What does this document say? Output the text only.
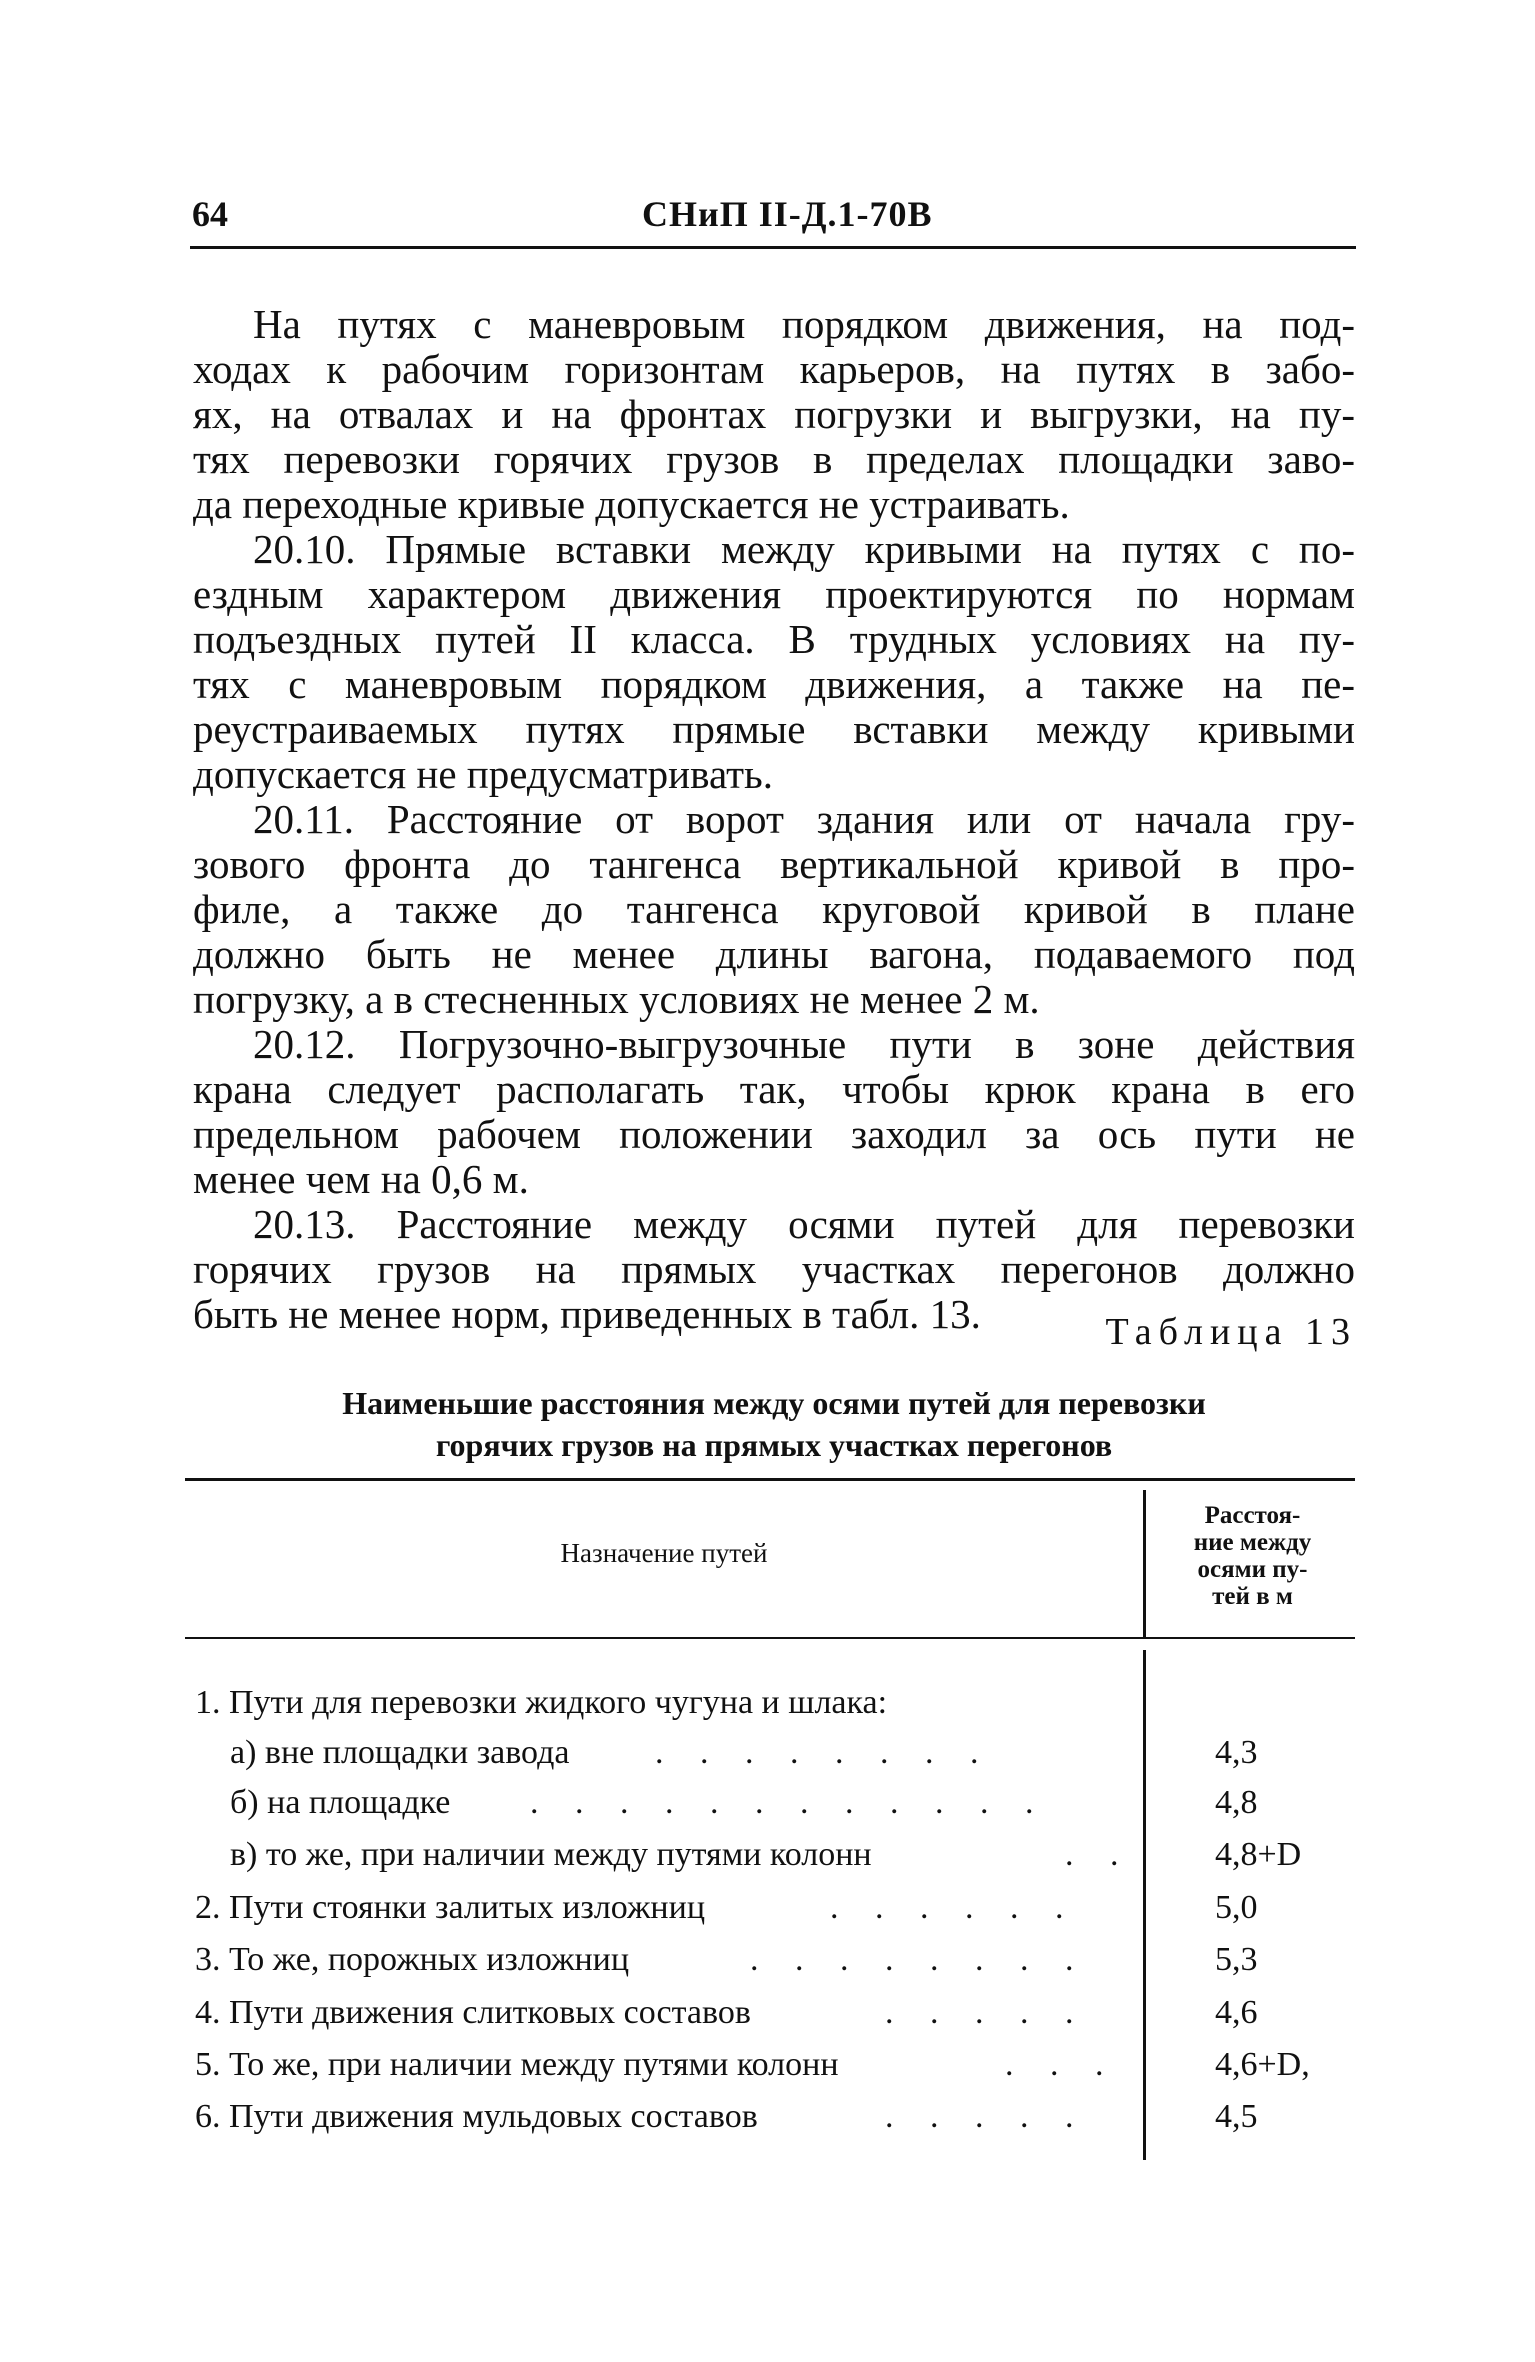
64	СНиП II-Д.1-70В
На путях с маневровым порядком движения, на под-
ходах к рабочим горизонтам карьеров, на путях в забо-
ях, на отвалах и на фронтах погрузки и выгрузки, на пу-
тях перевозки горячих грузов в пределах площадки заво-
да переходные кривые допускается не устраивать.
20.10. Прямые вставки между кривыми на путях с по-
ездным характером движения проектируются по нормам
подъездных путей II класса. В трудных условиях на пу-
тях с маневровым порядком движения, а также на пе-
реустраиваемых путях прямые вставки между кривыми
допускается не предусматривать.
20.11. Расстояние от ворот здания или от начала гру-
зового фронта до тангенса вертикальной кривой в про-
филе, а также до тангенса круговой кривой в плане
должно быть не менее длины вагона, подаваемого под
погрузку, а в стесненных условиях не менее 2 м.
20.12. Погрузочно-выгрузочные пути в зоне действия
крана следует располагать так, чтобы крюк крана в его
предельном рабочем положении заходил за ось пути не
менее чем на 0,6 м.
20.13. Расстояние между осями путей для перевозки
горячих грузов на прямых участках перегонов должно
быть не менее норм, приведенных в табл. 13.	Таблица 13
Наименьшие расстояния между осями путей для перевозки
горячих грузов на прямых участках перегонов
Назначение путей
Расстоя-
ние между
осями пу-
тей в м
1. Пути для перевозки жидкого чугуна и шлака:
а) вне площадки завода	. . . . . . . .	4,3
б) на площадке . . . . . . . . . . . .	4,8
в) то же, при наличии между путями колонн	. . 4,8+D
2. Пути стоянки залитых изложниц	. . . . . .	5,0
3. То же, порожных изложниц	. . . . . . . .	5,3
4. Пути движения слитковых составов	. . . . .	4,6
5. То же, при наличии между путями колонн	. . .	4,6+D,
6. Пути движения мульдовых составов	. . . . .	4,5
